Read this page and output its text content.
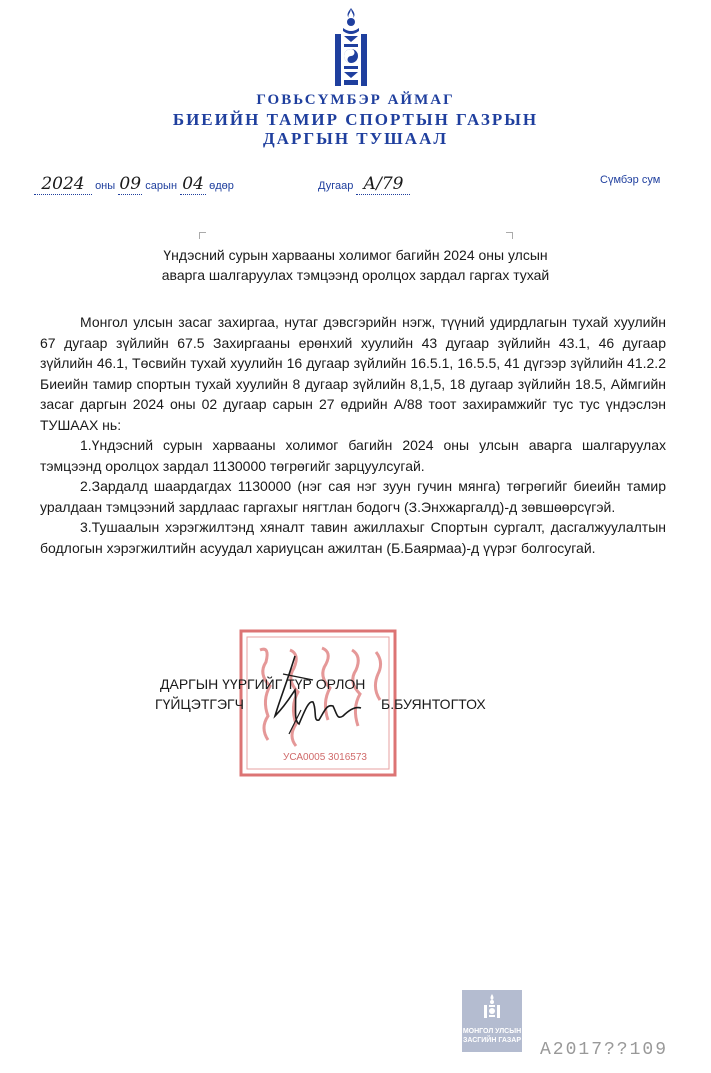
ГОВЬСҮМБЭР АЙМАГ
БИЕИЙН ТАМИР СПОРТЫН ГАЗРЫН
ДАРГЫН ТУШААЛ
2024 оны 09 сарын 04 өдөр	Дугаар А/79	Сүмбэр сум
Үндэсний сурын харвааны холимог багийн 2024 оны улсын
аварга шалгаруулах тэмцээнд оролцох зардал гаргах тухай

Монгол улсын засаг захиргаа, нутаг дэвсгэрийн нэгж, түүний удирдлагын тухай хуулийн 67 дугаар зүйлийн 67.5 Захиргааны ерөнхий хуулийн 43 дугаар зүйлийн 43.1, 46 дугаар зүйлийн 46.1, Төсвийн тухай хуулийн 16 дугаар зүйлийн 16.5.1, 16.5.5, 41 дүгээр зүйлийн 41.2.2 Биеийн тамир спортын тухай хуулийн 8 дугаар зүйлийн 8,1,5, 18 дугаар зүйлийн 18.5, Аймгийн засаг даргын 2024 оны 02 дугаар сарын 27 өдрийн А/88 тоот захирамжийг тус тус үндэслэн ТУШААХ нь:

1.Үндэсний сурын харвааны холимог багийн 2024 оны улсын аварга шалгаруулах тэмцээнд оролцох зардал 1130000 төгрөгийг зарцуулсугай.

2.Зардалд шаардагдах 1130000 (нэг сая нэг зуун гучин мянга) төгрөгийг биеийн тамир уралдаан тэмцээний зардлаас гаргахыг нягтлан бодогч (З.Энхжаргалд)-д зөвшөөрсүгэй.

3.Тушаалын хэрэгжилтэнд хяналт тавин ажиллахыг Спортын сургалт, дасгалжуулалтын бодлогын хэрэгжилтийн асуудал хариуцсан ажилтан (Б.Баярмаа)-д үүрэг болгосугай.

УСА0005 3016573
ДАРГЫН ҮҮРГИЙГ ТҮР ОРЛОН
ГҮЙЦЭТГЭГЧ	Б.БУЯНТОГТОХ
МОНГОЛ УЛСЫН
ЗАСГИЙН ГАЗАР А2017??109
